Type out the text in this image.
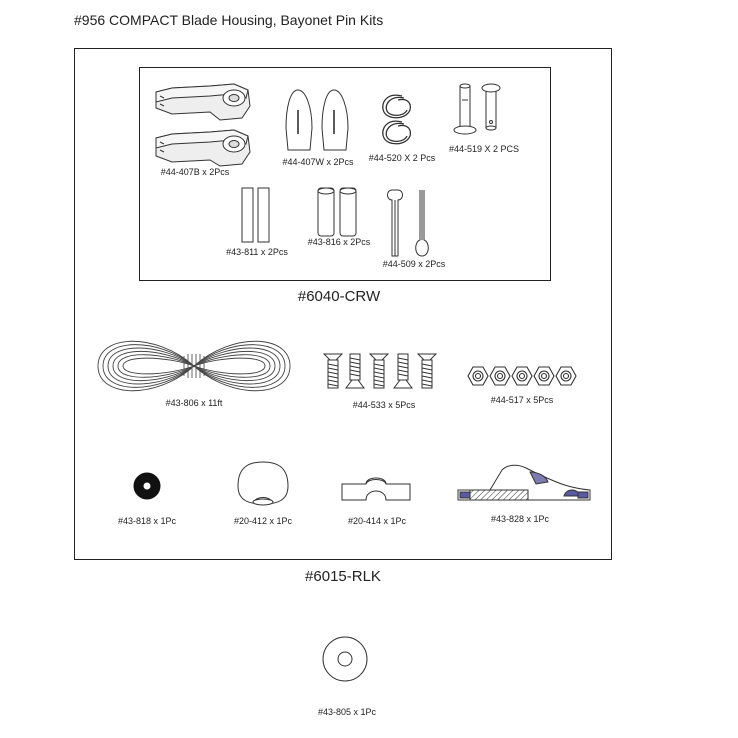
#956 COMPACT Blade Housing, Bayonet Pin Kits
#44-407B x 2Pcs
#44-407W x 2Pcs #44-520 X 2 Pcs
#44-519 X 2 PCS
#43-811 x 2Pcs
#43-816 x 2Pcs
#44-509 x 2Pcs
#6040-CRW
#43-806 x 11ft	#44-533 x 5Pcs	#44-517 x 5Pcs
#43-818 x 1Pc	#20-412 x 1Pc	#20-414 x 1Pc	#43-828 x 1Pc
#6015-RLK
#43-805 x 1Pc
